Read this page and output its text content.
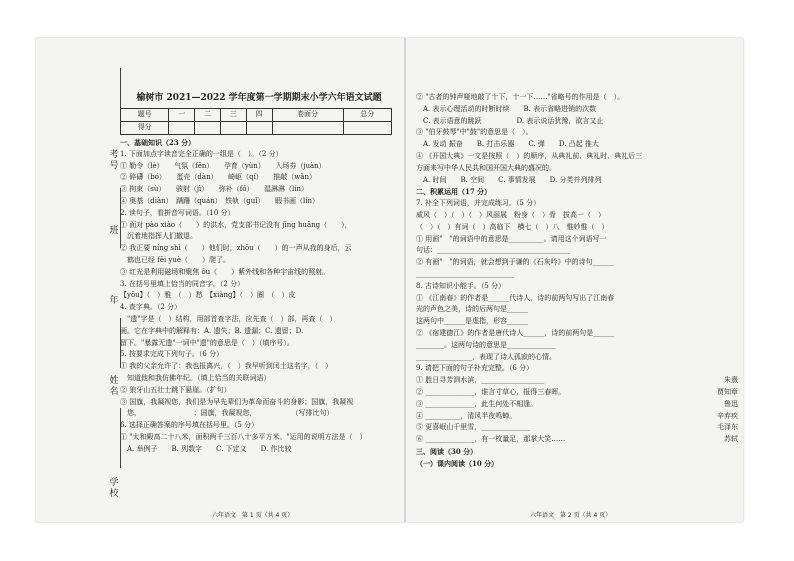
考号
班
年
姓名
学校

榆树市 2021—2022 学年度第一学期期末小学六年语文试题

题号	一	二	三	四	卷面分	总分
得分						

一、基础知识（23 分）

1. 下面加点字读音完全正确的一组是（　）。（2 分）

① 勒令（lè）　　气氛（fēn）　　孕育（yùn）　　入场券（juàn）

② 碎礴（bó）　　蛋壳（dàn）　　崎岖（qí）　　推敲（wǎn）

③ 拘束（sù）　　骇射（jì）　　弥补（fǒ）　　湿淋淋（lín）

④ 奥基（diàn）　蹒跚（quán）　铁轨（guǐ）　　暇书画（lín）

2. 读句子，看拼音写词语。（10 分）

① 面对 pào xiào（　　）的洪水，党支部书记没有 jīng huāng（　　），

　沉着地指挥人们撤退。

② 我正要 níng shì（　　）他们时，zhōu（　　）的一声从我的身后，云

　鹤也已经 fēi yuè（　　）爬了。

③ 红光是利用磁场和聚焦 ōu（　　）紫外线和各种宇宙线的照射。

3. 在括号里填上恰当的同音字。（2 分）

【yōu】（　）雅　（　）愁　【xiàng】（　）圈　（　）皮

4. 查字典。（2 分）

　"遗"字是（　）结构，用部首查字法，应先查（　）部，再查（　）

画。它在字典中的解释有：A. 遗失；B. 遗漏；C. 遗留；D.

留下。"暴露无遗"一词中"遗"的意思是（　）（填序号）。

5. 按要求完成下列句子。（6 分）

① 我的父亲允许了：我也报离兴，（　）我早听到闰土这名字，（　）

　知道他和我仿佛年纪。（填上恰当的关联词语）

② 狼牙山五壮士跳下悬崖。（扩句）

③ 国旗，我凝视您，我们是为早先辈们为革命而奋斗的身影；国旗，我凝视

　您，　　　　　　　　；国旗，我凝视您，　　　　　　（写排比句）

6. 选择正确答案的序号填在括号里。（5 分）

① "太和殿高二十八米，面积两千三百八十多平方米。"运用的说明方法是（　）

　A. 举例子　　B. 列数字　　C. 下定义　　D. 作比较

六年语文　第 1 页（共 4 页）

② "古者的钟声哑地敲了十下，十一下……"省略号的作用是（　）。

　A. 表示心理活动的时断时续　　B. 表示省略进销的次数

　C. 表示语意的跳跃　　　　　D. 表示说话犹豫，欲言又止

③ "伯牙鼓琴"中"鼓"的意思是（　）。

　A. 发动 振奋　　B. 打击乐器　　C. 弹　　D. 凸起 推大

④ 《开国大典》一文是按照（　）的顺序，从典礼前、典礼时、典礼后三

方面来写中华人民共和国开国大典的盛况的。

　A. 时间　　B. 空间　　C. 事情发展　　D. 分类并列排列

二、积累运用（17 分）

7. 补全下列词语，并完成练习。（5 分）

威风（　）（　）（　）风丽展　粉身（　）骨　拔高一（　）

（　）（　）有词（　）高临下　横七（　）八　惟妙惟（　）

① 用画"　"的词语中的意思是__________。请用这个词语写一

句话：______________________________________

② 有画"　"的词语，就会想到于谦的《石灰吟》中的诗句______

____________________________

8. 古诗知识小能手。（5 分）

① 《江南春》的作者是______代诗人，诗的前两句写出了江南春

光的声色之美，诗的后两句是______

这两句中______是虚指，形容______

② 《宿建德江》的作者是唐代诗人______，诗的前两句是______

________。这两句诗的意思是______________

________________，表现了诗人孤寂的心情。

9. 请把下面的句子补充完整。（6 分）

① 胜日寻芳泗水滨，__________________	朱熹

② ______________，谁言寸草心，报得三春晖。	贾知章

③ ______________，此生何处不相逢。	鲁迅

④ __________，清风半夜鸣蝉。	辛弃疾

⑤ 更喜岷山千里雪，______________	毛泽东

⑥ ______________，有一枚量足，那掌大笑……	苏轼

三、阅读（30 分）

（一）课内阅读（10 分）

六年语文　第 2 页（共 4 页）
